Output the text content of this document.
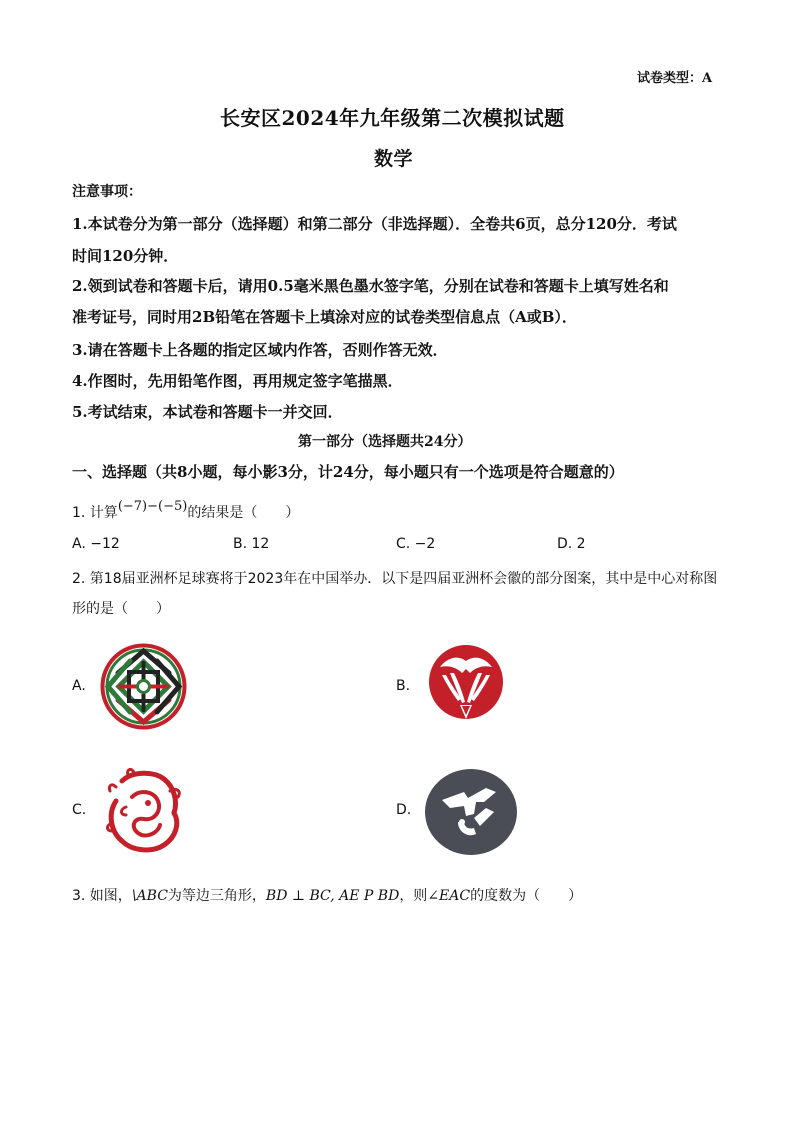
试卷类型：A
长安区2024年九年级第二次模拟试题
数学
注意事项：
1.本试卷分为第一部分（选择题）和第二部分（非选择题）．全卷共6页，总分120分．考试
时间120分钟．
2.领到试卷和答题卡后，请用0.5毫米黑色墨水签字笔，分别在试卷和答题卡上填写姓名和
准考证号，同时用2B铅笔在答题卡上填涂对应的试卷类型信息点（A或B）．
3.请在答题卡上各题的指定区域内作答，否则作答无效．
4.作图时，先用铅笔作图，再用规定签字笔描黑．
5.考试结束，本试卷和答题卡一并交回．
第一部分（选择题共24分）
一、选择题（共8小题，每小影3分，计24分，每小题只有一个选项是符合题意的）
1. 计算(−7)−(−5)的结果是（　　）
A. −12	B. 12	C. −2	D. 2
2. 第18届亚洲杯足球赛将于2023年在中国举办．以下是四届亚洲杯会徽的部分图案，其中是中心对称图
形的是（　　）
A.	B.
C.	D.
3. 如图，\ABC为等边三角形，BD ⊥ BC, AE P BD，则∠EAC的度数为（　　）
